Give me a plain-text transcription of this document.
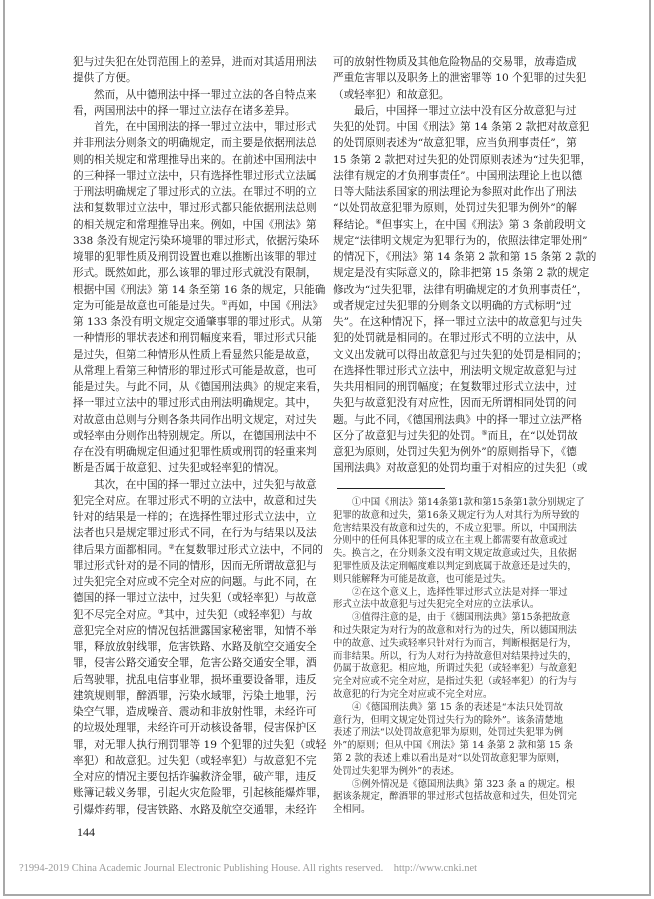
犯与过失犯在处罚范围上的差异，进而对其适用刑法
提供了方便。
然而，从中德刑法中择一罪过立法的各自特点来
看，两国刑法中的择一罪过立法存在诸多差异。
首先，在中国刑法的择一罪过立法中，罪过形式
并非刑法分则条文的明确规定，而主要是依据刑法总
则的相关规定和常理推导出来的。在前述中国刑法中
的三种择一罪过立法中，只有选择性罪过形式立法属
于刑法明确规定了罪过形式的立法。在罪过不明的立
法和复数罪过立法中，罪过形式都只能依据刑法总则
的相关规定和常理推导出来。例如，中国《刑法》第
338 条没有规定污染环境罪的罪过形式，依据污染环
境罪的犯罪性质及刑罚设置也难以推断出该罪的罪过
形式。既然如此，那么该罪的罪过形式就没有限制，
根据中国《刑法》第 14 条至第 16 条的规定，只能确
定为可能是故意也可能是过失。①再如，中国《刑法》
第 133 条没有明文规定交通肇事罪的罪过形式。从第
一种情形的罪状表述和刑罚幅度来看，罪过形式只能
是过失，但第二种情形从性质上看显然只能是故意，
从常理上看第三种情形的罪过形式可能是故意，也可
能是过失。与此不同，从《德国刑法典》的规定来看，
择一罪过立法中的罪过形式由刑法明确规定。其中，
对故意由总则与分则各条共同作出明文规定，对过失
或轻率由分则作出特别规定。所以，在德国刑法中不
存在没有明确规定但通过犯罪性质或刑罚的轻重来判
断是否属于故意犯、过失犯或轻率犯的情况。
其次，在中国的择一罪过立法中，过失犯与故意
犯完全对应。在罪过形式不明的立法中，故意和过失
针对的结果是一样的；在选择性罪过形式立法中，立
法者也只是规定罪过形式不同，在行为与结果以及法
律后果方面都相同。②在复数罪过形式立法中，不同的
罪过形式针对的是不同的情形，因而无所谓故意犯与
过失犯完全对应或不完全对应的问题。与此不同，在
德国的择一罪过立法中，过失犯（或轻率犯）与故意
犯不尽完全对应。③其中，过失犯（或轻率犯）与故
意犯完全对应的情况包括泄露国家秘密罪，知情不举
罪，释放放射线罪，危害铁路、水路及航空交通安全
罪，侵害公路交通安全罪，危害公路交通安全罪，酒
后驾驶罪，扰乱电信事业罪，损坏重要设备罪，违反
建筑规则罪，醉酒罪，污染水域罪，污染土地罪，污
染空气罪，造成噪音、震动和非放射性罪，未经许可
的垃圾处理罪，未经许可开动核设备罪，侵害保护区
罪，对无罪人执行刑罚罪等 19 个犯罪的过失犯（或轻
率犯）和故意犯。过失犯（或轻率犯）与故意犯不完
全对应的情况主要包括诈骗救济金罪，破产罪，违反
账簿记载义务罪，引起火灾危险罪，引起核能爆炸罪，
引爆炸药罪，侵害铁路、水路及航空交通罪，未经许
可的放射性物质及其他危险物品的交易罪，放毒造成
严重危害罪以及职务上的泄密罪等 10 个犯罪的过失犯
（或轻率犯）和故意犯。
最后，中国择一罪过立法中没有区分故意犯与过
失犯的处罚。中国《刑法》第 14 条第 2 款把对故意犯
的处罚原则表述为“故意犯罪，应当负刑事责任”，第
15 条第 2 款把对过失犯的处罚原则表述为“过失犯罪，
法律有规定的才负刑事责任”。中国刑法理论上也以德
日等大陆法系国家的刑法理论为参照对此作出了刑法
“以处罚故意犯罪为原则，处罚过失犯罪为例外”的解
释结论。④但事实上，在中国《刑法》第 3 条前段明文
规定“法律明文规定为犯罪行为的，依照法律定罪处刑”
的情况下，《刑法》第 14 条第 2 款和第 15 条第 2 款的
规定是没有实际意义的，除非把第 15 条第 2 款的规定
修改为“过失犯罪，法律有明确规定的才负刑事责任”，
或者规定过失犯罪的分则条文以明确的方式标明“过
失”。在这种情况下，择一罪过立法中的故意犯与过失
犯的处罚就是相同的。在罪过形式不明的立法中，从
文义出发就可以得出故意犯与过失犯的处罚是相同的；
在选择性罪过形式立法中，刑法明文规定故意犯与过
失共用相同的刑罚幅度；在复数罪过形式立法中，过
失犯与故意犯没有对应性，因而无所谓相同处罚的问
题。与此不同，《德国刑法典》中的择一罪过立法严格
区分了故意犯与过失犯的处罚。⑤而且，在“以处罚故
意犯为原则，处罚过失犯为例外”的原则指导下，《德
国刑法典》对故意犯的处罚均重于对相应的过失犯（或
①中国《刑法》第14条第1款和第15条第1款分别规定了
犯罪的故意和过失，第16条又规定行为人对其行为所导致的
危害结果没有故意和过失的，不成立犯罪。所以，中国刑法
分则中的任何具体犯罪的成立在主观上都需要有故意或过
失。换言之，在分则条文没有明文规定故意或过失，且依据
犯罪性质及法定刑幅度难以判定到底属于故意还是过失的，
则只能解释为可能是故意，也可能是过失。
②在这个意义上，选择性罪过形式立法是对择一罪过
形式立法中故意犯与过失犯完全对应的立法承认。
③值得注意的是，由于《德国刑法典》第15条把故意
和过失限定为对行为的故意和对行为的过失，所以德国刑法
中的故意、过失或轻率只针对行为而言，判断根据是行为，
而非结果。所以，行为人对行为持故意但对结果持过失的，
仍属于故意犯。相应地，所谓过失犯（或轻率犯）与故意犯
完全对应或不完全对应，是指过失犯（或轻率犯）的行为与
故意犯的行为完全对应或不完全对应。
④《德国刑法典》第 15 条的表述是“本法只处罚故
意行为，但明文规定处罚过失行为的除外”。该条清楚地
表述了刑法“以处罚故意犯罪为原则，处罚过失犯罪为例
外”的原则；但从中国《刑法》第 14 条第 2 款和第 15 条
第 2 款的表述上难以看出是对“以处罚故意犯罪为原则，
处罚过失犯罪为例外”的表述。
⑤例外情况是《德国刑法典》第 323 条 a 的规定。根
据该条规定，醉酒罪的罪过形式包括故意和过失，但处罚完
全相同。
144
?1994-2019 China Academic Journal Electronic Publishing House. All rights reserved.    http://www.cnki.net
